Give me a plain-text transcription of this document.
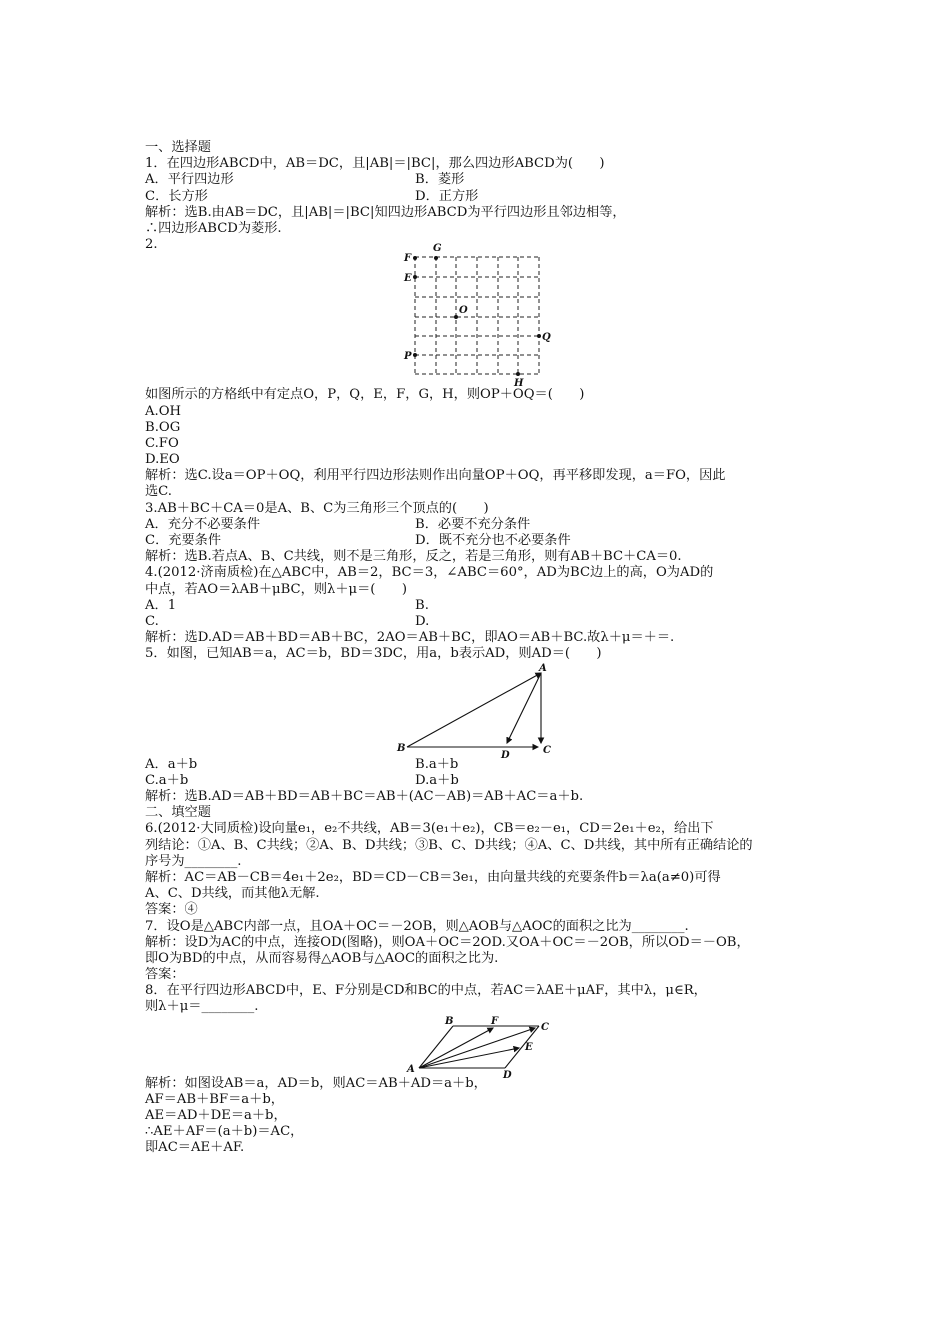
一、选择题
1．在四边形ABCD中，AB＝DC，且|AB|＝|BC|，那么四边形ABCD为(　　)
A．平行四边形	B．菱形
C．长方形	D．正方形
解析：选B.由AB＝DC，且|AB|＝|BC|知四边形ABCD为平行四边形且邻边相等，
∴四边形ABCD为菱形.
2.
F
G
E
O
Q
P
H
如图所示的方格纸中有定点O，P，Q，E，F，G，H，则OP＋OQ＝(　　)
A.OH
B.OG
C.FO
D.EO
解析：选C.设a＝OP＋OQ，利用平行四边形法则作出向量OP＋OQ，再平移即发现，a＝FO，因此
选C.
3.AB＋BC＋CA＝0是A、B、C为三角形三个顶点的(　　)
A．充分不必要条件	B．必要不充分条件
C．充要条件	D．既不充分也不必要条件
解析：选B.若点A、B、C共线，则不是三角形，反之，若是三角形，则有AB＋BC＋CA＝0.
4.(2012·济南质检)在△ABC中，AB＝2，BC＝3，∠ABC＝60°，AD为BC边上的高，O为AD的
中点，若AO＝λAB＋μBC，则λ＋μ＝(　　)
A．1	B.
C.	D.
解析：选D.AD＝AB＋BD＝AB＋BC，2AO＝AB＋BC，即AO＝AB＋BC.故λ＋μ＝＋＝.
5．如图，已知AB＝a，AC＝b，BD＝3DC，用a，b表示AD，则AD＝(　　)
A
B
D	C
A．a＋b	B.a＋b
C.a＋b	D.a＋b
解析：选B.AD＝AB＋BD＝AB＋BC＝AB＋(AC－AB)＝AB＋AC＝a＋b.
二、填空题
6.(2012·大同质检)设向量e₁，e₂不共线，AB＝3(e₁＋e₂)，CB＝e₂－e₁，CD＝2e₁＋e₂，给出下
列结论：①A、B、C共线；②A、B、D共线；③B、C、D共线；④A、C、D共线，其中所有正确结论的
序号为________.
解析：AC＝AB－CB＝4e₁＋2e₂，BD＝CD－CB＝3e₁，由向量共线的充要条件b＝λa(a≠0)可得
A、C、D共线，而其他λ无解.
答案：④
7．设O是△ABC内部一点，且OA＋OC＝－2OB，则△AOB与△AOC的面积之比为________.
解析：设D为AC的中点，连接OD(图略)，则OA＋OC＝2OD.又OA＋OC＝－2OB，所以OD＝－OB，
即O为BD的中点，从而容易得△AOB与△AOC的面积之比为.
答案：
8．在平行四边形ABCD中，E、F分别是CD和BC的中点，若AC＝λAE＋μAF，其中λ，μ∈R，
则λ＋μ＝________.
B	F
C
E
A
D
解析：如图设AB＝a，AD＝b，则AC＝AB＋AD＝a＋b，
AF＝AB＋BF＝a＋b，
AE＝AD＋DE＝a＋b，
∴AE＋AF＝(a＋b)＝AC，
即AC＝AE＋AF.
